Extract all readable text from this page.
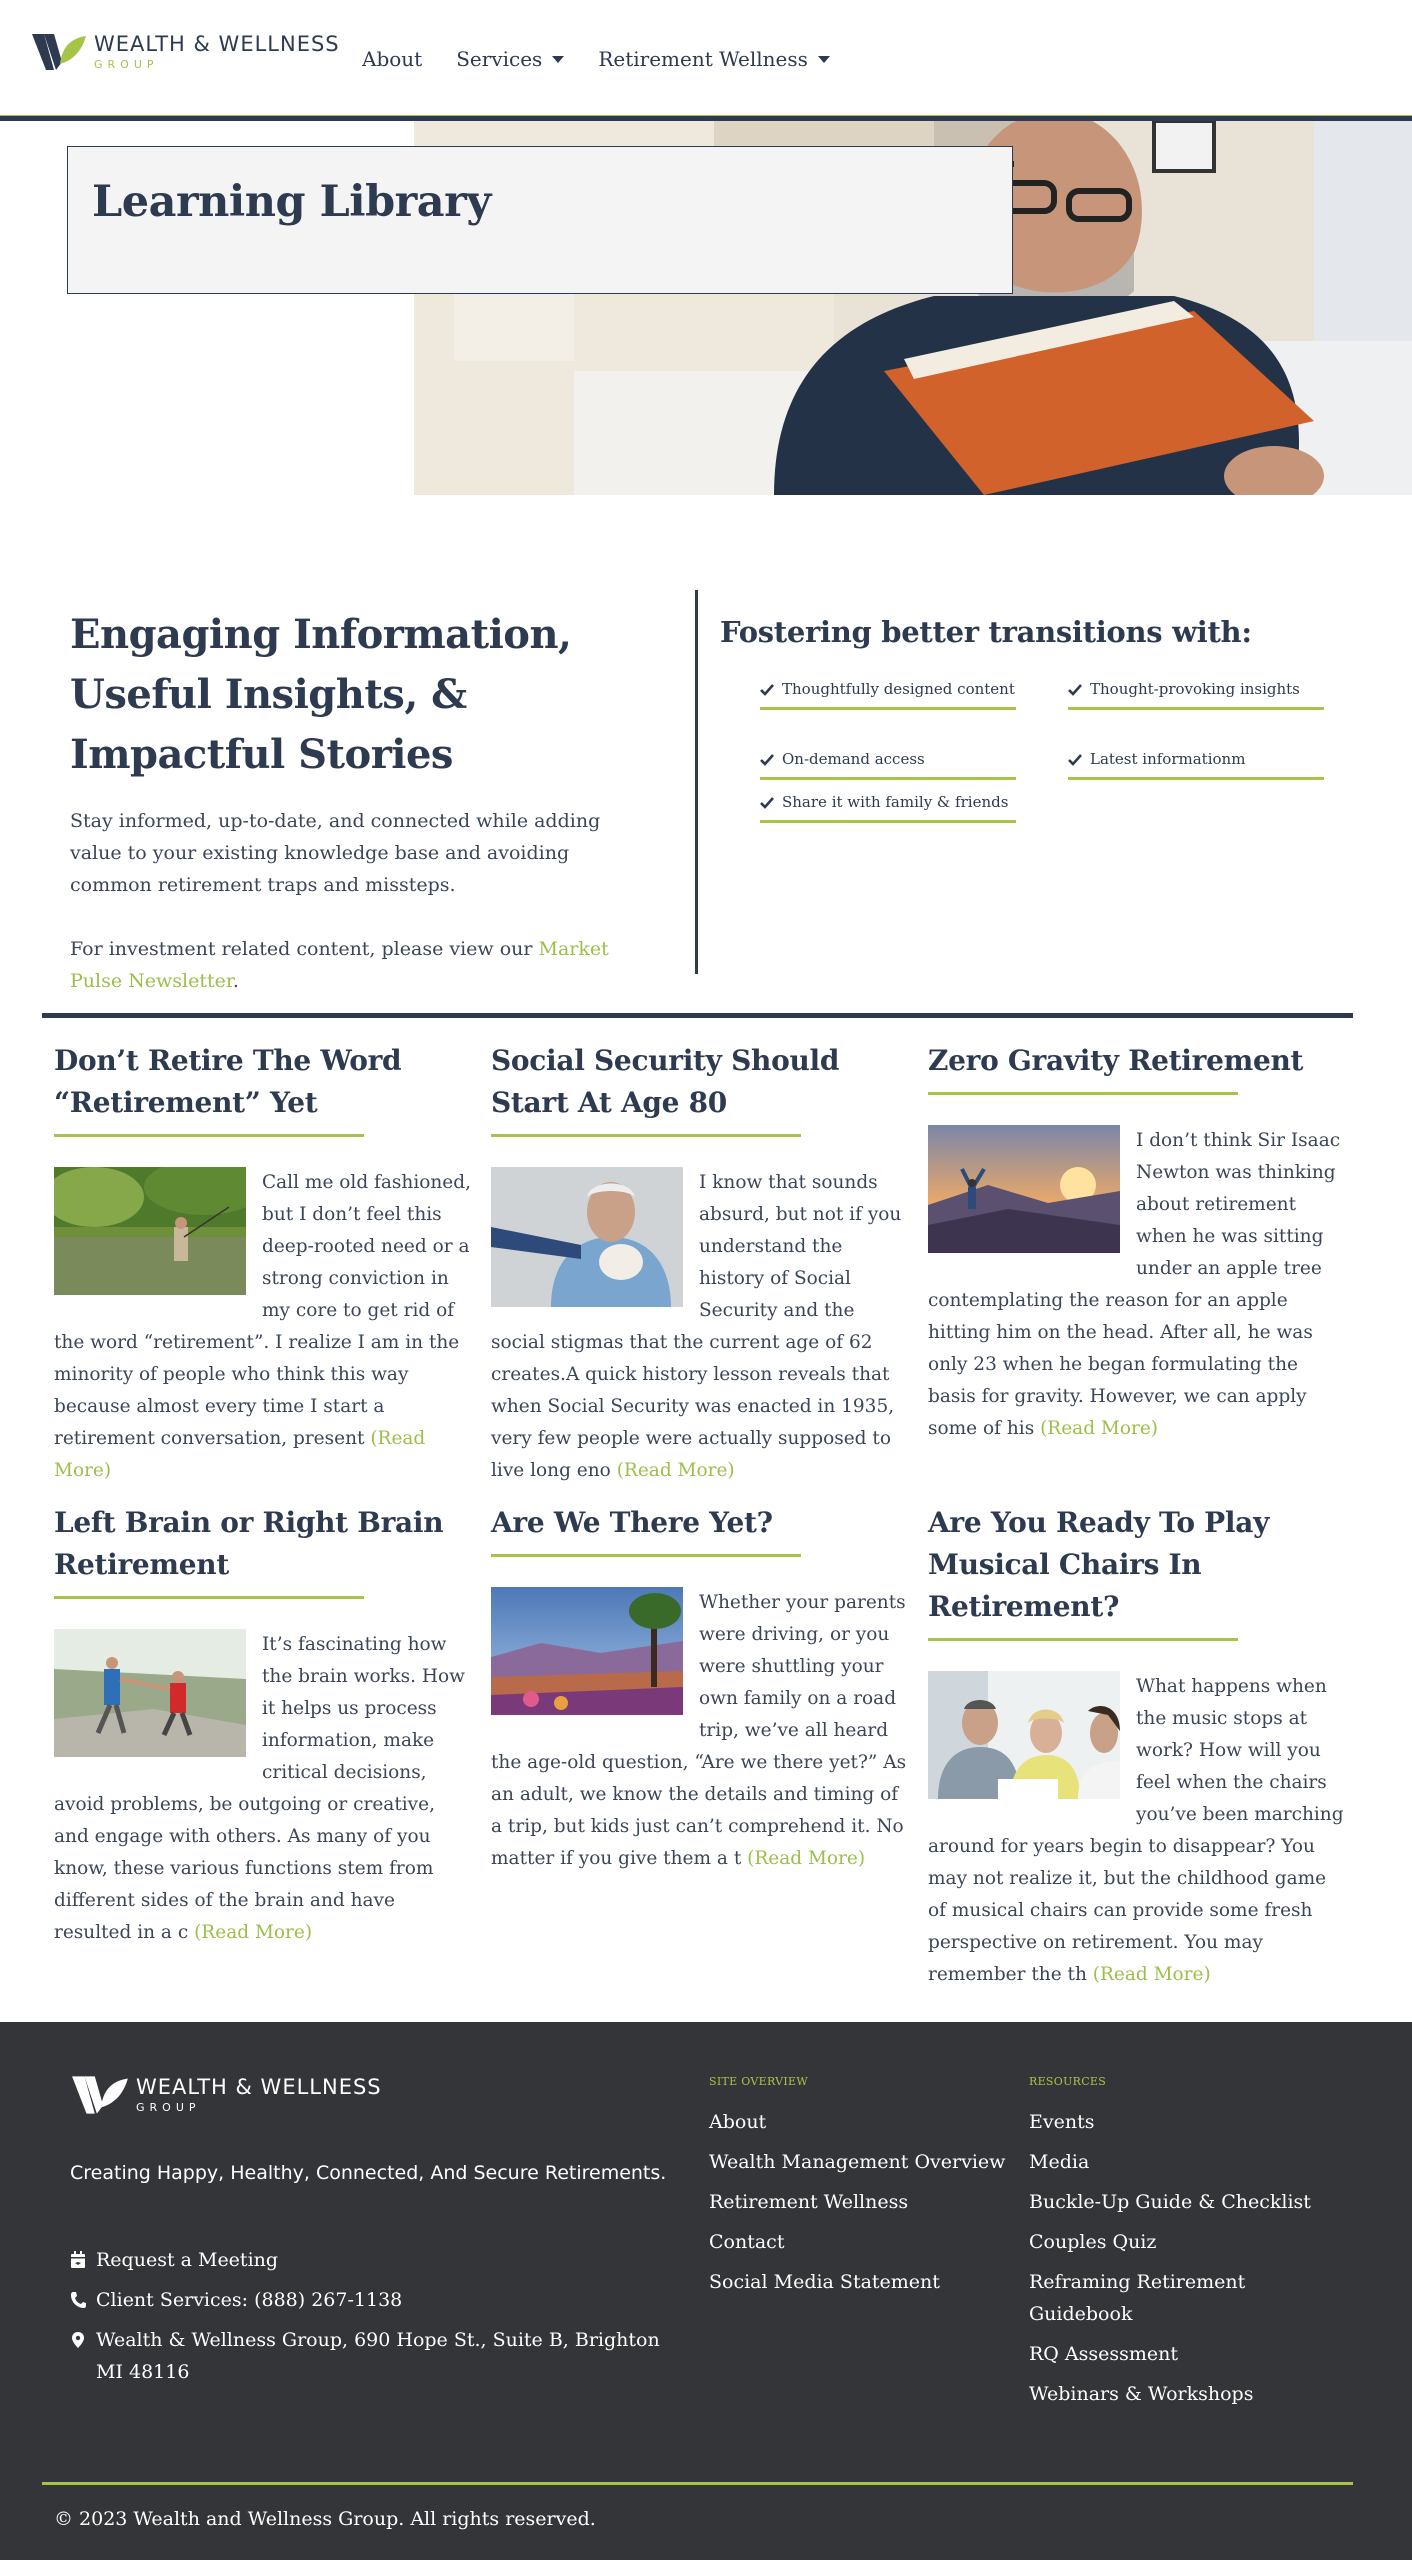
WEALTH & WELLNESS
GROUP	About Services	Retirement Wellness
Learning Library
Engaging Information, Useful Insights, & Impactful Stories

Stay informed, up-to-date, and connected while adding value to your existing knowledge base and avoiding common retirement traps and missteps.

For investment related content, please view our Market Pulse Newsletter.

Fostering better transitions with:
Thoughtfully designed content	Thought-provoking insights
On-demand access	Latest informationm
Share it with family & friends
Don’t Retire The Word “Retirement” Yet
Call me old fashioned, but I don’t feel this deep-rooted need or a strong conviction in my core to get rid of the word “retirement”. I realize I am in the minority of people who think this way because almost every time I start a retirement conversation, present (Read More)
Social Security Should Start At Age 80
I know that sounds absurd, but not if you understand the history of Social Security and the social stigmas that the current age of 62 creates.A quick history lesson reveals that when Social Security was enacted in 1935, very few people were actually supposed to live long eno (Read More)
Zero Gravity Retirement
I don’t think Sir Isaac Newton was thinking about retirement when he was sitting under an apple tree contemplating the reason for an apple hitting him on the head. After all, he was only 23 when he began formulating the basis for gravity. However, we can apply some of his (Read More)
Left Brain or Right Brain Retirement
It’s fascinating how the brain works. How it helps us process information, make critical decisions, avoid problems, be outgoing or creative, and engage with others. As many of you know, these various functions stem from different sides of the brain and have resulted in a c (Read More)
Are We There Yet?
Whether your parents were driving, or you were shuttling your own family on a road trip, we’ve all heard the age-old question, “Are we there yet?” As an adult, we know the details and timing of a trip, but kids just can’t comprehend it. No matter if you give them a t (Read More)
Are You Ready To Play Musical Chairs In Retirement?
What happens when the music stops at work? How will you feel when the chairs you’ve been marching around for years begin to disappear? You may not realize it, but the childhood game of musical chairs can provide some fresh perspective on retirement. You may remember the th (Read More)
WEALTH & WELLNESS
GROUP
Creating Happy, Healthy, Connected, And Secure Retirements.
Request a Meeting
Client Services: (888) 267-1138
Wealth & Wellness Group, 690 Hope St., Suite B, Brighton MI 48116
SITE OVERVIEW
About
Wealth Management Overview
Retirement Wellness
Contact
Social Media Statement
RESOURCES
Events
Media
Buckle-Up Guide & Checklist
Couples Quiz
Reframing Retirement Guidebook
RQ Assessment
Webinars & Workshops
© 2023 Wealth and Wellness Group. All rights reserved.
